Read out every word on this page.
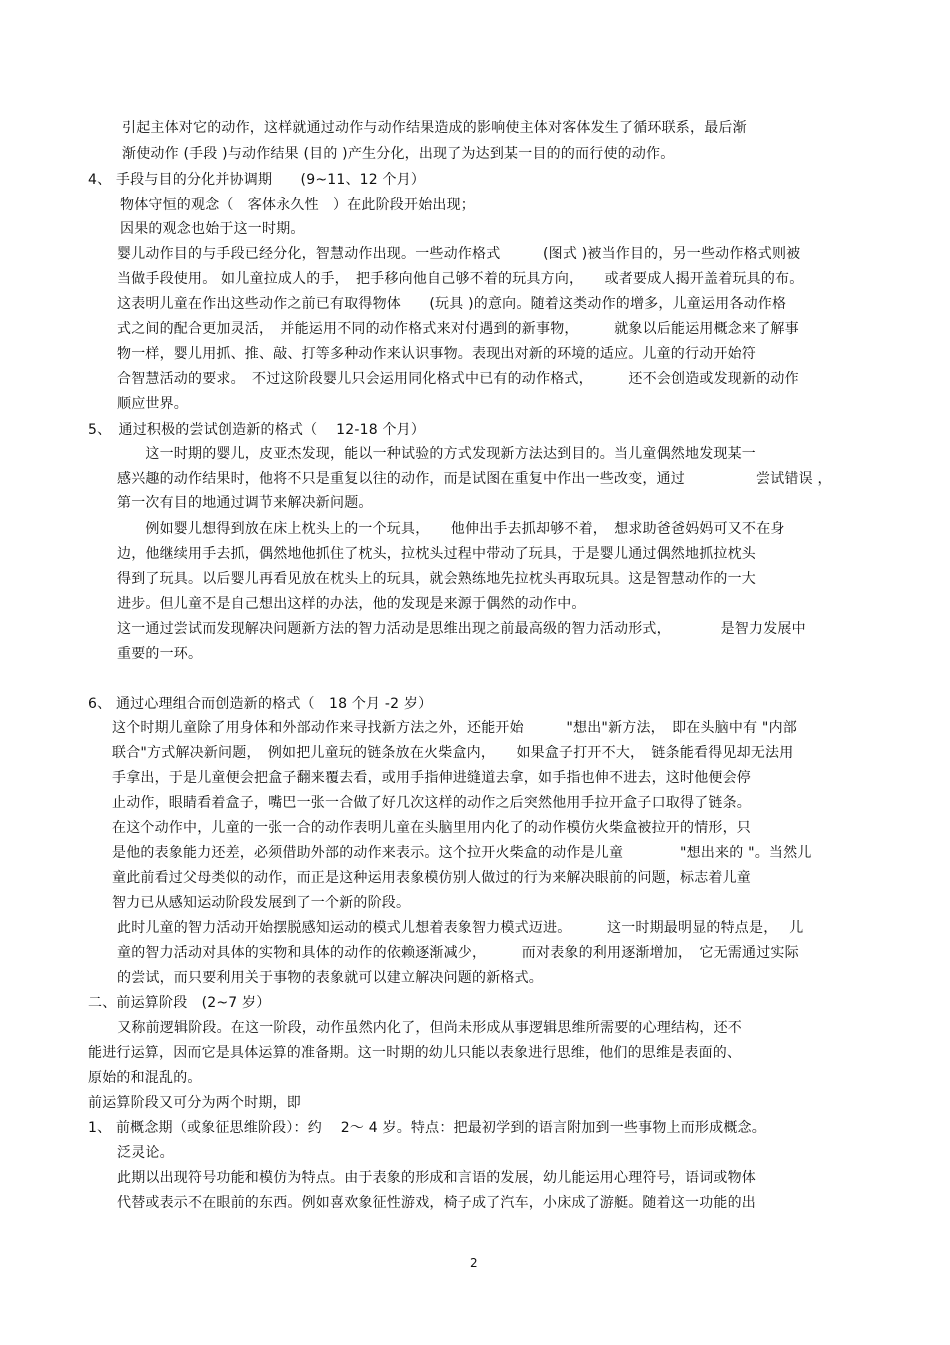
引起主体对它的动作，这样就通过动作与动作结果造成的影响使主体对客体发生了循环联系，最后渐
渐使动作 (手段 )与动作结果 (目的 )产生分化，出现了为达到某一目的的而行使的动作。
4、 手段与目的分化并协调期　　(9~11、12 个月）
物体守恒的观念（　客体永久性　）在此阶段开始出现；
因果的观念也始于这一时期。
婴儿动作目的与手段已经分化，智慧动作出现。一些动作格式　　　(图式 )被当作目的，另一些动作格式则被
当做手段使用。 如儿童拉成人的手，　把手移向他自己够不着的玩具方向，　　或者要成人揭开盖着玩具的布。
这表明儿童在作出这些动作之前已有取得物体　　(玩具 )的意向。随着这类动作的增多，儿童运用各动作格
式之间的配合更加灵活，　并能运用不同的动作格式来对付遇到的新事物，　　　就象以后能运用概念来了解事
物一样，婴儿用抓、推、敲、打等多种动作来认识事物。表现出对新的环境的适应。儿童的行动开始符
合智慧活动的要求。　不过这阶段婴儿只会运用同化格式中已有的动作格式，　　　还不会创造或发现新的动作
顺应世界。
5、　通过积极的尝试创造新的格式（　 12-18 个月）
　　这一时期的婴儿，皮亚杰发现，能以一种试验的方式发现新方法达到目的。当儿童偶然地发现某一
感兴趣的动作结果时，他将不只是重复以往的动作，而是试图在重复中作出一些改变，通过　　　　　尝试错误 ，
第一次有目的地通过调节来解决新问题。
　　例如婴儿想得到放在床上枕头上的一个玩具，　　他伸出手去抓却够不着，　想求助爸爸妈妈可又不在身
边，他继续用手去抓，偶然地他抓住了枕头，拉枕头过程中带动了玩具，于是婴儿通过偶然地抓拉枕头
得到了玩具。以后婴儿再看见放在枕头上的玩具，就会熟练地先拉枕头再取玩具。这是智慧动作的一大
进步。但儿童不是自己想出这样的办法，他的发现是来源于偶然的动作中。
这一通过尝试而发现解决问题新方法的智力活动是思维出现之前最高级的智力活动形式，　　　　是智力发展中
重要的一环。
6、 通过心理组合而创造新的格式（　18 个月 -2 岁）
这个时期儿童除了用身体和外部动作来寻找新方法之外，还能开始　　　"想出"新方法，　即在头脑中有 "内部
联合"方式解决新问题，　例如把儿童玩的链条放在火柴盒内，　　如果盒子打开不大，　链条能看得见却无法用
手拿出，于是儿童便会把盒子翻来覆去看，或用手指伸进缝道去拿，如手指也伸不进去，这时他便会停
止动作，眼睛看着盒子，嘴巴一张一合做了好几次这样的动作之后突然他用手拉开盒子口取得了链条。
在这个动作中，儿童的一张一合的动作表明儿童在头脑里用内化了的动作模仿火柴盒被拉开的情形，只
是他的表象能力还差，必须借助外部的动作来表示。这个拉开火柴盒的动作是儿童　　　　"想出来的 "。当然儿
童此前看过父母类似的动作，而正是这种运用表象模仿别人做过的行为来解决眼前的问题，标志着儿童
智力已从感知运动阶段发展到了一个新的阶段。
此时儿童的智力活动开始摆脱感知运动的模式儿想着表象智力模式迈进。　　　这一时期最明显的特点是，　 儿
童的智力活动对具体的实物和具体的动作的依赖逐渐减少，　　　而对表象的利用逐渐增加，　它无需通过实际
的尝试，而只要利用关于事物的表象就可以建立解决问题的新格式。
二、前运算阶段　(2~7 岁）
　又称前逻辑阶段。在这一阶段，动作虽然内化了，但尚未形成从事逻辑思维所需要的心理结构，还不
能进行运算，因而它是具体运算的准备期。这一时期的幼儿只能以表象进行思维，他们的思维是表面的、
原始的和混乱的。
前运算阶段又可分为两个时期，即
1、 前概念期（或象征思维阶段）：约　 2～ 4 岁。特点：把最初学到的语言附加到一些事物上而形成概念。
泛灵论。
此期以出现符号功能和模仿为特点。由于表象的形成和言语的发展，幼儿能运用心理符号，语词或物体
代替或表示不在眼前的东西。例如喜欢象征性游戏，椅子成了汽车，小床成了游艇。随着这一功能的出
2
